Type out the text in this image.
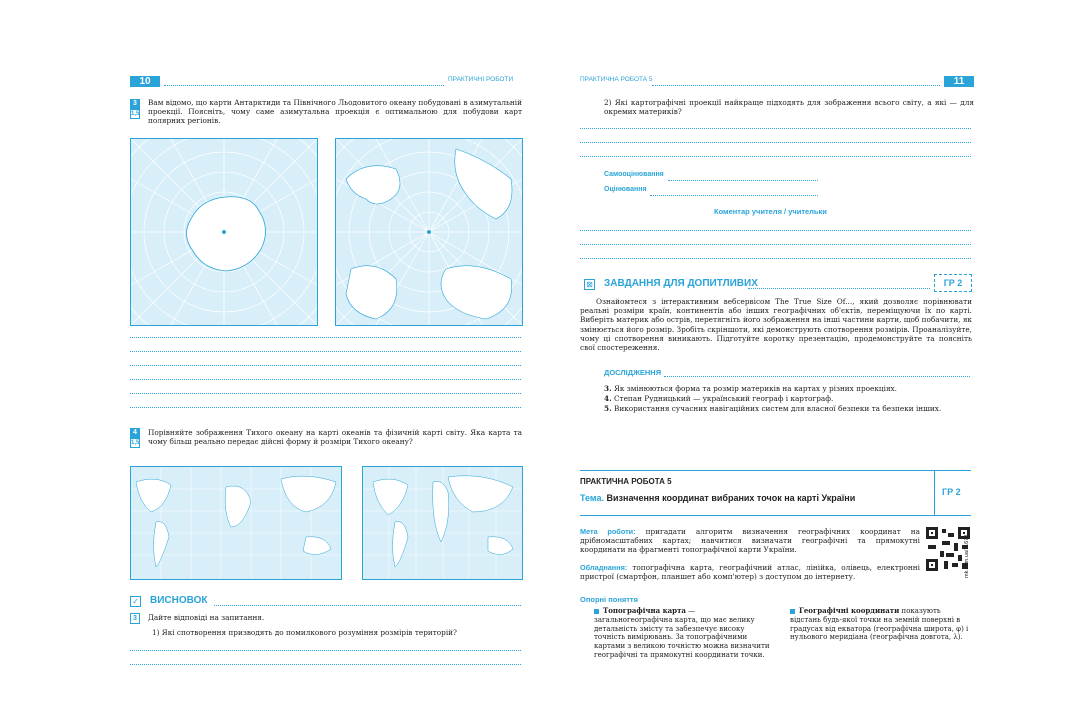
10	ПРАКТИЧНІ РОБОТИ
3
1,5
Вам відомо, що карти Антарктиди та Північного Льодовитого океану побудовані в азимутальній проекції. Поясніть, чому саме азимутальна проекція є оптимальною для побудови карт полярних регіонів.
4
1,5
Порівняйте зображення Тихого океану на карті океанів та фізичній карті світу. Яка карта та чому більш реально передає дійсні форму й розміри Тихого океану?
✓ ВИСНОВОК
3	Дайте відповіді на запитання.
1) Які спотворення призводять до помилкового розуміння розмірів територій?
ПРАКТИЧНА РОБОТА 5	11
2) Які картографічні проекції найкраще підходять для зображення всього світу, а які — для окремих материків?
Самооцінювання
Оцінювання
Коментар учителя / учительки
⊠ ЗАВДАННЯ ДЛЯ ДОПИТЛИВИХ	ГР 2
Ознайомтеся з інтерактивним вебсервісом The True Size Of..., який дозволяє порівнювати реальні розміри країн, континентів або інших географічних об'єктів, переміщуючи їх по карті. Виберіть материк або острів, перетягніть його зображення на інші частини карти, щоб побачити, як змінюється його розмір. Зробіть скріншоти, які демонструють спотворення розмірів. Проаналізуйте, чому ці спотворення виникають. Підготуйте коротку презентацію, продемонструйте та поясніть свої спостереження.
ДОСЛІДЖЕННЯ
3. Як змінюються форма та розмір материків на картах у різних проекціях.
4. Степан Рудницький — український географ і картограф.
5. Використання сучасних навігаційних систем для власної безпеки та безпеки інших.
ПРАКТИЧНА РОБОТА 5
Тема. Визначення координат вибраних точок на карті України
ГР 2
Мета роботи: пригадати алгоритм визначення географічних координат на дрібномасштабних картах; навчитися визначати географічні та прямокутні координати на фрагменті топографічної карти України.
Обладнання: топографічна карта, географічний атлас, лінійка, олівець, електронні пристрої (смартфон, планшет або комп'ютер) з доступом до інтернету.	mk.com.ua/11678
Опорні поняття
Топографічна карта — загальногеографічна карта, що має велику детальність змісту та забезпечує високу точність вимірювань. За топографічними картами з великою точністю можна визначити географічні та прямокутні координати точки.
Географічні координати показують відстань будь-якої точки на земній поверхні в градусах від екватора (географічна широта, φ) і нульового меридіана (географічна довгота, λ).
